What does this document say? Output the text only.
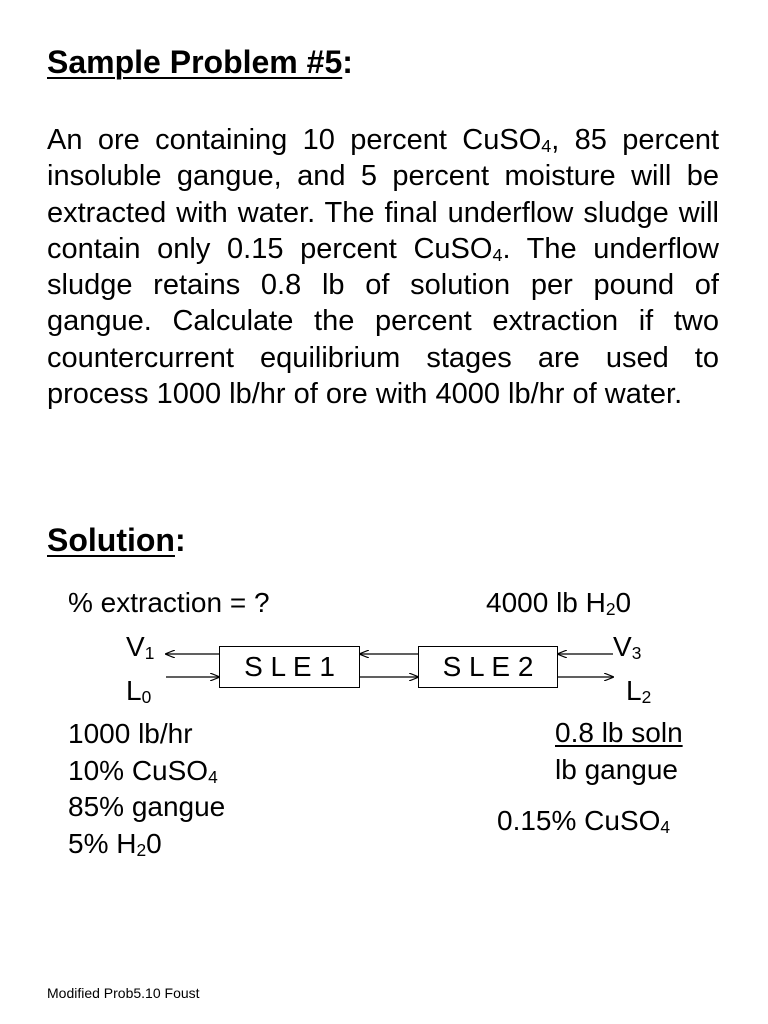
Sample Problem #5:
An ore containing 10 percent CuSO$_4$, 85 percent insoluble gangue, and 5 percent moisture will be extracted with water. The final underflow sludge will contain only 0.15 percent CuSO$_4$. The underflow sludge retains 0.8 lb of solution per pound of gangue. Calculate the percent extraction if two countercurrent equilibrium stages are used to process 1000 lb/hr of ore with 4000 lb/hr of water.
Solution:
% extraction = ?	4000 lb $H_20$
$V_1$
$L_0$
$V_3$
$L_2$
S L E 1	S L E 2
1000 lb/hr
10% CuSO$_4$
85% gangue
5% $H_20$
0.8 lb soln
lb gangue
0.15% CuSO$_4$
Modified Prob5.10 Foust
